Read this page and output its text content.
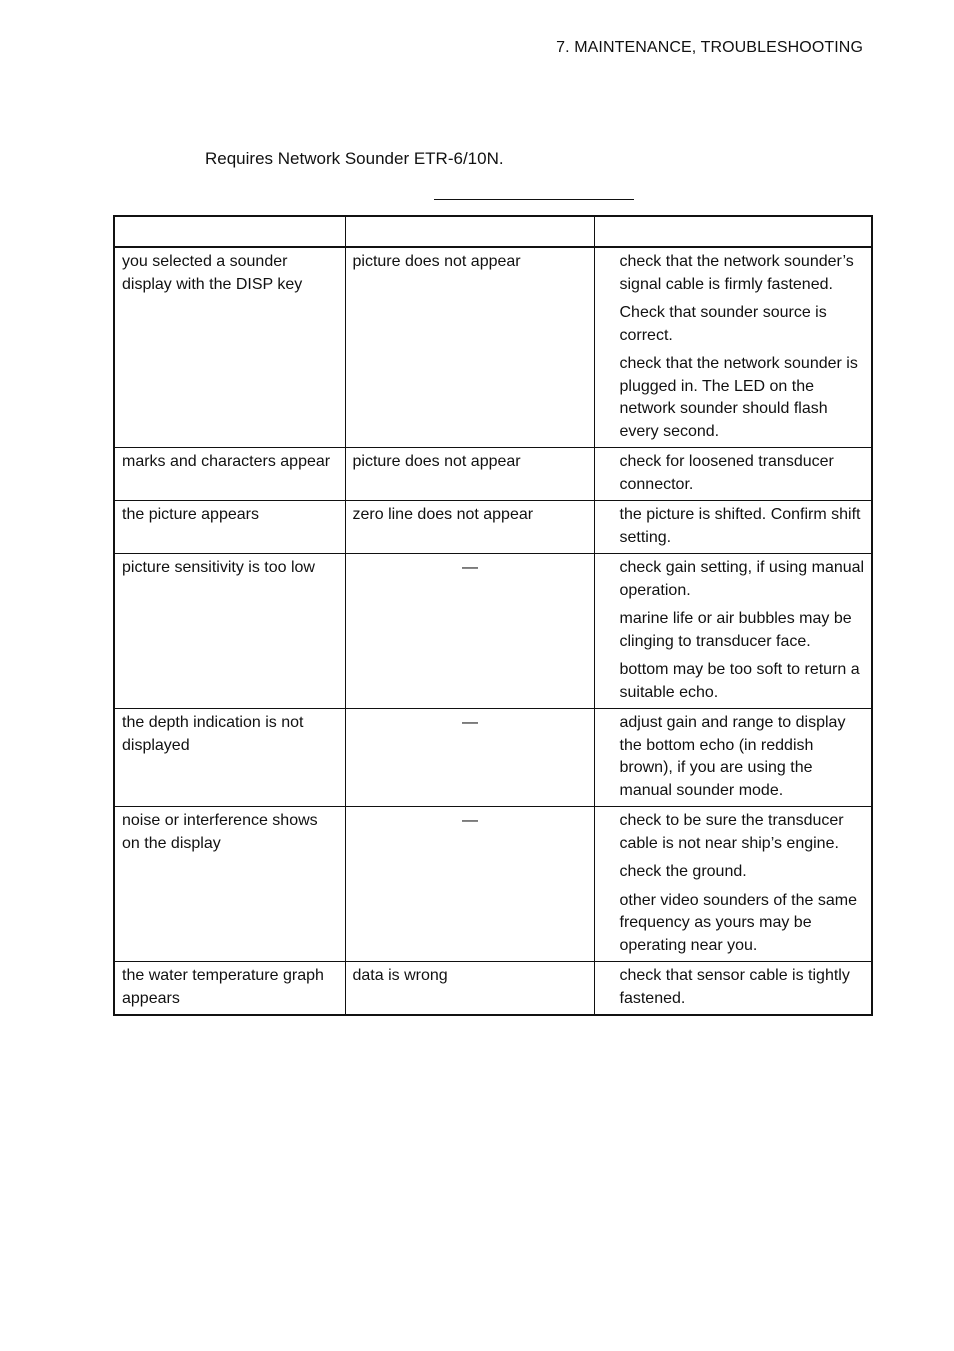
7. MAINTENANCE, TROUBLESHOOTING
Requires Network Sounder ETR-6/10N.

you selected a sounder display with the DISP key	picture does not appear	check that the network sounder’s signal cable is firmly fastened.
Check that sounder source is correct.
check that the network sounder is plugged in. The LED on the network sounder should flash every second.

marks and characters appear	picture does not appear	check for loosened transducer connector.

the picture appears	zero line does not appear	the picture is shifted. Confirm shift setting.

picture sensitivity is too low	—	check gain setting, if using manual operation.
marine life or air bubbles may be clinging to transducer face.
bottom may be too soft to return a suitable echo.

the depth indication is not displayed	—	adjust gain and range to display the bottom echo (in reddish brown), if you are using the manual sounder mode.

noise or interference shows on the display	—	check to be sure the transducer cable is not near ship’s engine.
check the ground.
other video sounders of the same frequency as yours may be operating near you.

the water temperature graph appears	data is wrong	check that sensor cable is tightly fastened.
